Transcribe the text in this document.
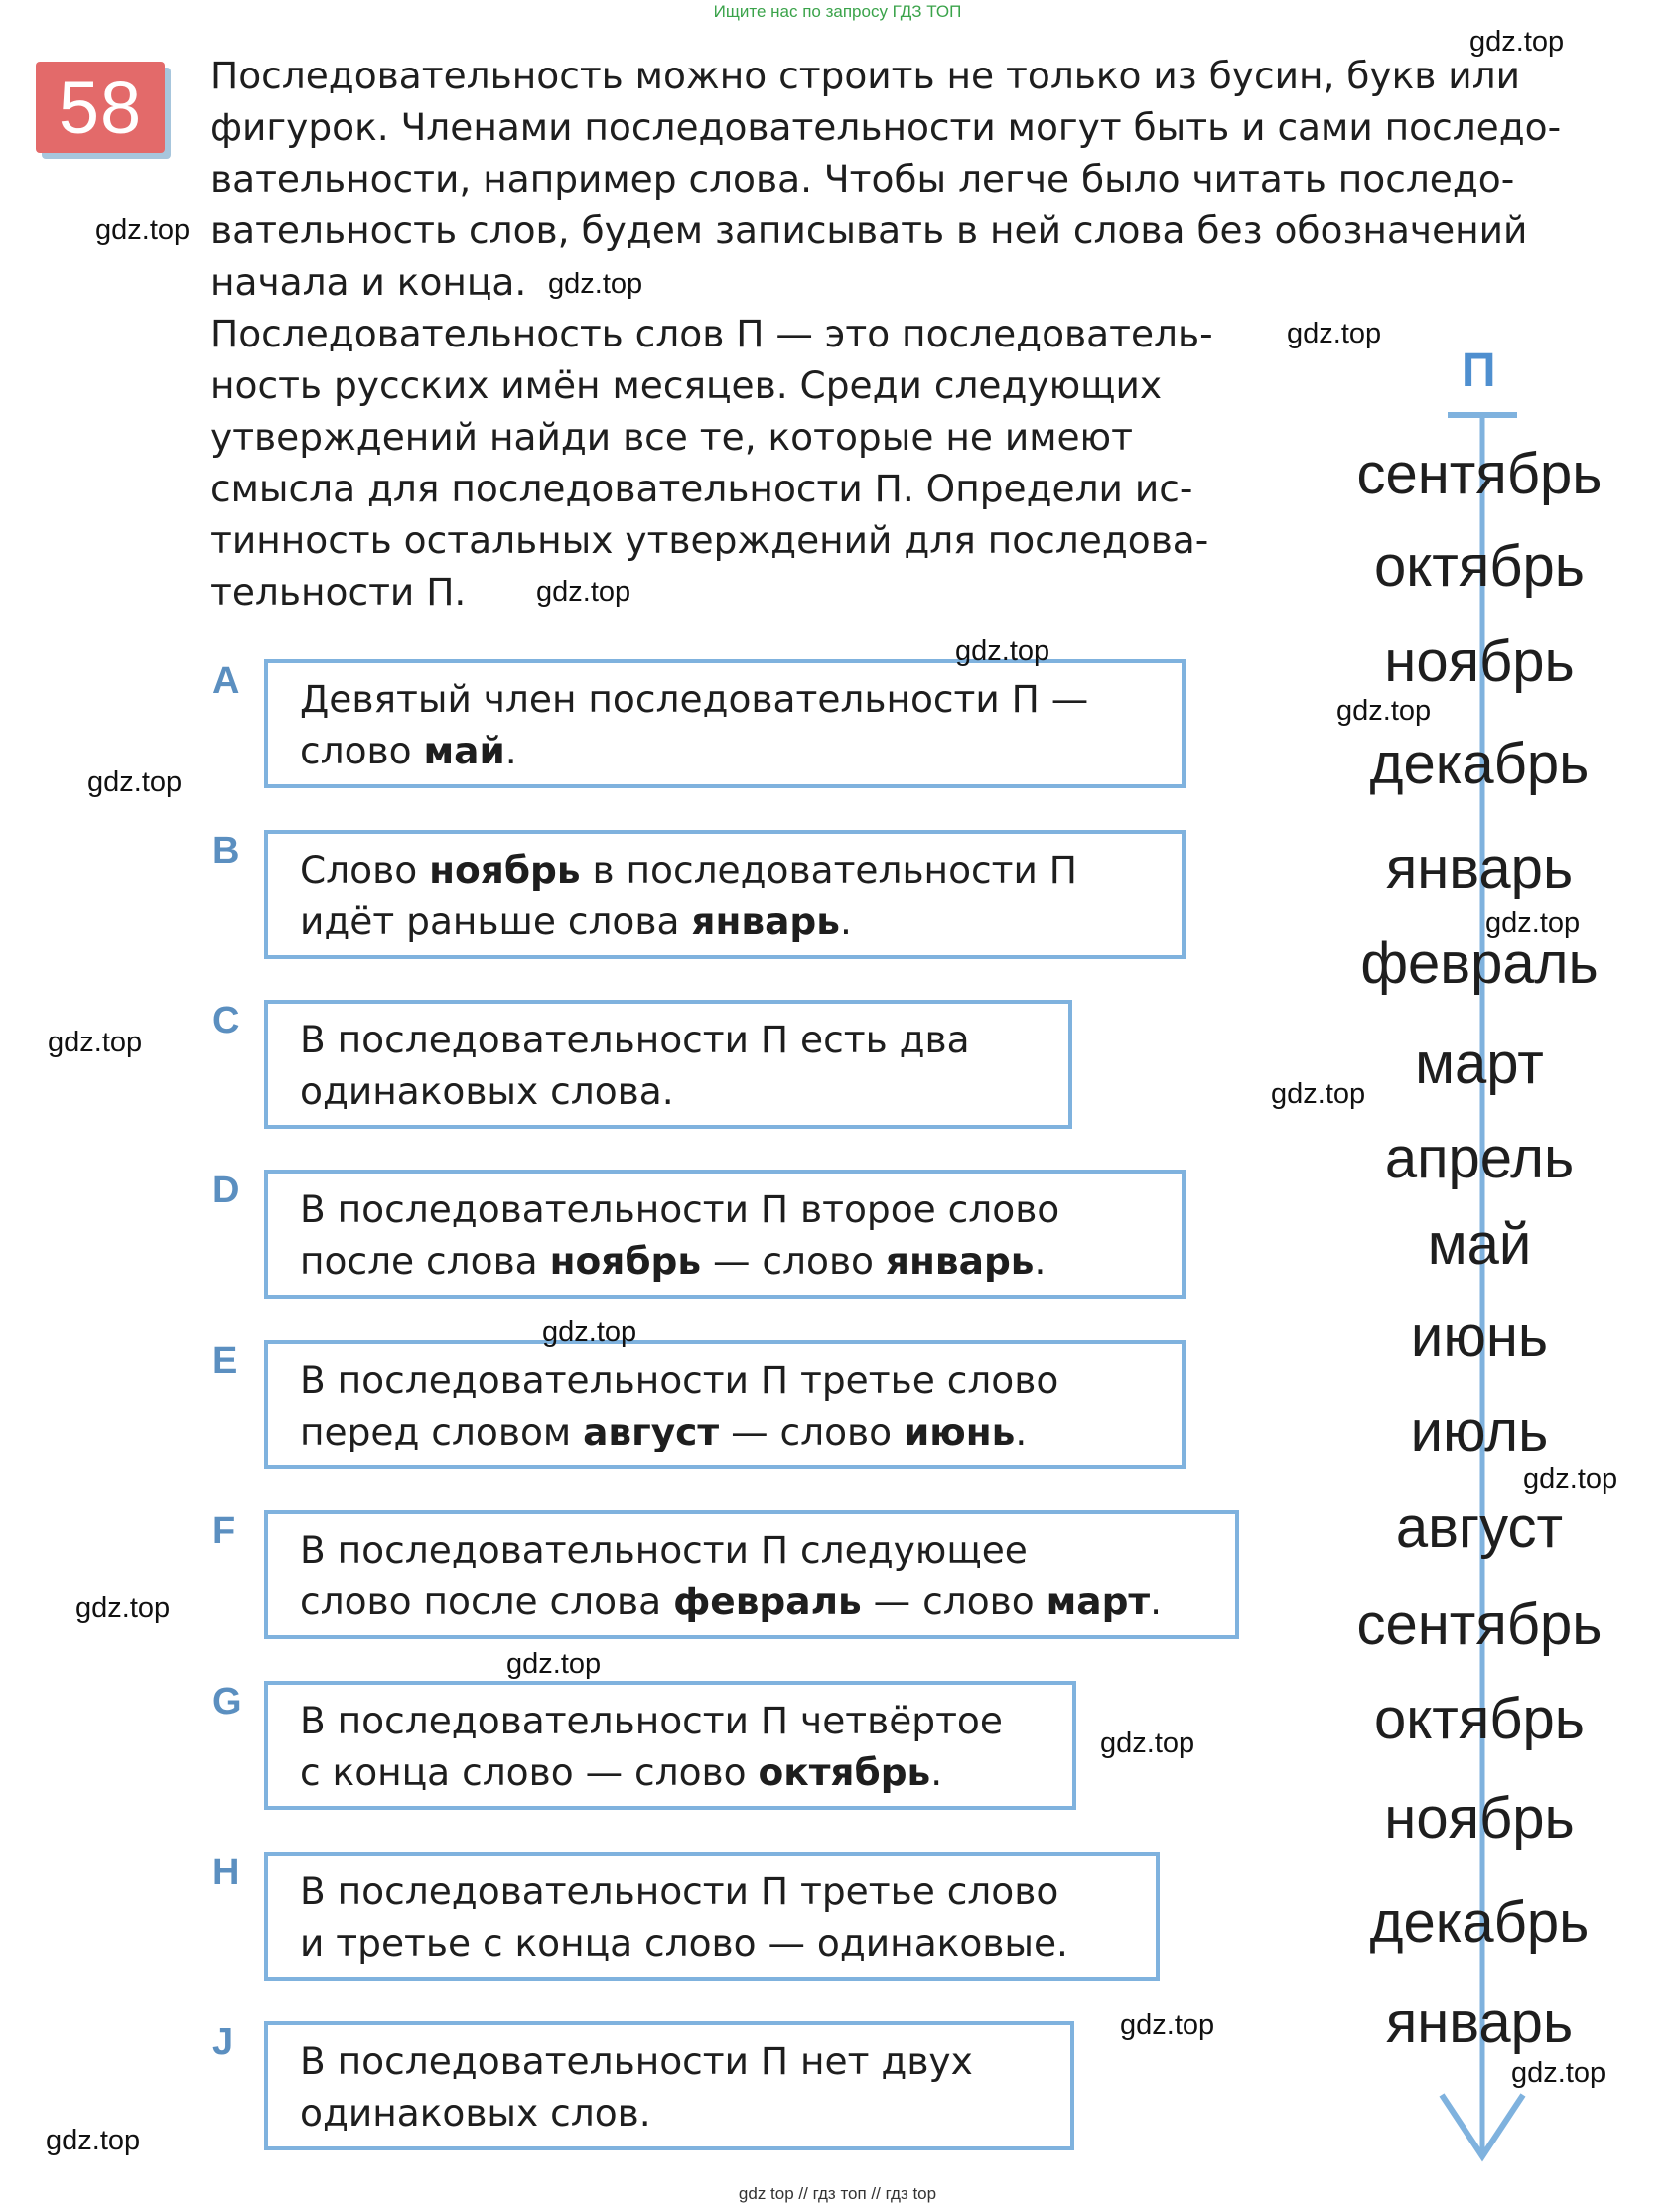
Ищите нас по запросу ГДЗ ТОП
58 Последовательность можно строить не только из бусин, букв или
фигурок. Членами последовательности могут быть и сами последо-
вательности, например слова. Чтобы легче было читать последо-
вательность слов, будем записывать в ней слова без обозначений
начала и конца.
Последовательность слов П — это последователь-
ность русских имён месяцев. Среди следующих
утверждений найди все те, которые не имеют
смысла для последовательности П. Определи ис-
тинность остальных утверждений для последова-
тельности П.
A Девятый член последовательности П —
слово май.
B Слово ноябрь в последовательности П
идёт раньше слова январь.
C В последовательности П есть два
одинаковых слова.
D В последовательности П второе слово
после слова ноябрь — слово январь.
E В последовательности П третье слово
перед словом август — слово июнь.
F В последовательности П следующее
слово после слова февраль — слово март.
G В последовательности П четвёртое
с конца слово — слово октябрь.
H В последовательности П третье слово
и третье с конца слово — одинаковые.
J В последовательности П нет двух
одинаковых слов.
П
сентябрь
октябрь
ноябрь
декабрь
январь
февраль
март
апрель
май
июнь
июль
август
сентябрь
октябрь
ноябрь
декабрь
январь
gdz.top
gdz.top
gdz.top
gdz.top
gdz.top
gdz.top
gdz.top
gdz.top
gdz.top
gdz.top
gdz.top
gdz.top
gdz.top
gdz.top
gdz.top
gdz.top
gdz.top
gdz.top
gdz.top
gdz top // гдз топ // гдз top
